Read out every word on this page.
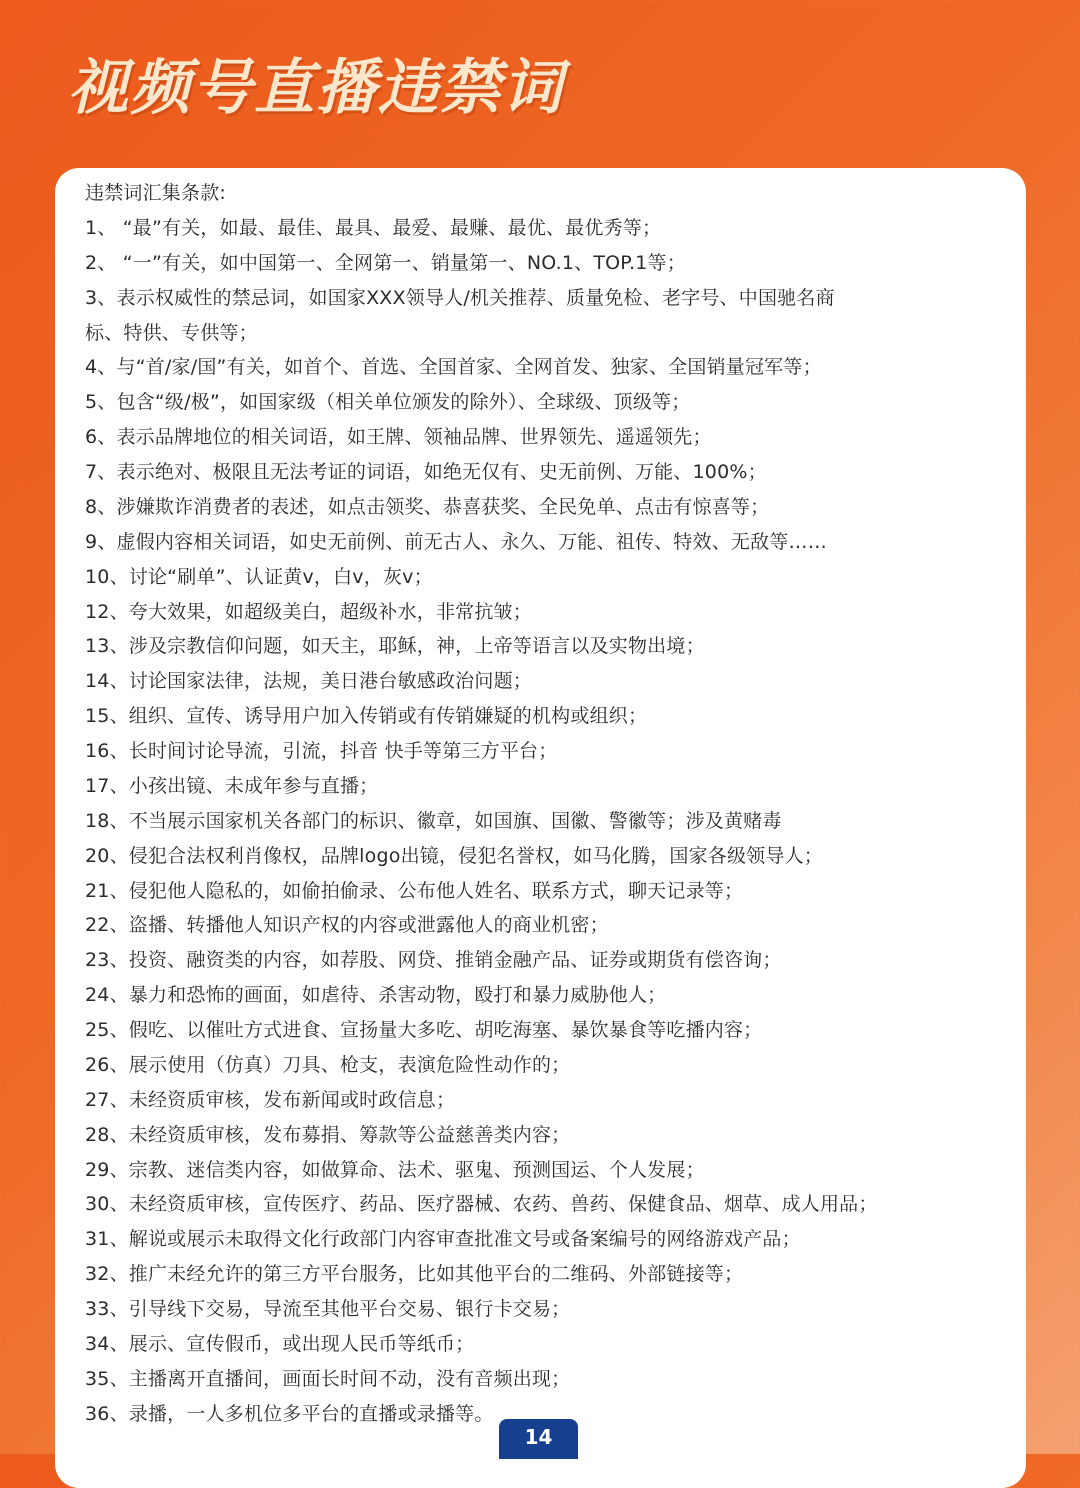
视频号直播违禁词
违禁词汇集条款:
1、 “最”有关，如最、最佳、最具、最爱、最赚、最优、最优秀等；
2、 “一”有关，如中国第一、全网第一、销量第一、NO.1、TOP.1等；
3、表示权威性的禁忌词，如国家XXX领导人/机关推荐、质量免检、老字号、中国驰名商
标、特供、专供等；
4、与“首/家/国”有关，如首个、首选、全国首家、全网首发、独家、全国销量冠军等；
5、包含“级/极”，如国家级（相关单位颁发的除外）、全球级、顶级等；
6、表示品牌地位的相关词语，如王牌、领袖品牌、世界领先、遥遥领先；
7、表示绝对、极限且无法考证的词语，如绝无仅有、史无前例、万能、100%；
8、涉嫌欺诈消费者的表述，如点击领奖、恭喜获奖、全民免单、点击有惊喜等；
9、虚假内容相关词语，如史无前例、前无古人、永久、万能、祖传、特效、无敌等……
10、讨论“刷单”、认证黄v，白v，灰v；
12、夸大效果，如超级美白，超级补水，非常抗皱；
13、涉及宗教信仰问题，如天主，耶稣，神，上帝等语言以及实物出境；
14、讨论国家法律，法规，美日港台敏感政治问题；
15、组织、宣传、诱导用户加入传销或有传销嫌疑的机构或组织；
16、长时间讨论导流，引流，抖音 快手等第三方平台；
17、小孩出镜、未成年参与直播；
18、不当展示国家机关各部门的标识、徽章，如国旗、国徽、警徽等；涉及黄赌毒
20、侵犯合法权利肖像权，品牌logo出镜，侵犯名誉权，如马化腾，国家各级领导人；
21、侵犯他人隐私的，如偷拍偷录、公布他人姓名、联系方式，聊天记录等；
22、盗播、转播他人知识产权的内容或泄露他人的商业机密；
23、投资、融资类的内容，如荐股、网贷、推销金融产品、证券或期货有偿咨询；
24、暴力和恐怖的画面，如虐待、杀害动物，殴打和暴力威胁他人；
25、假吃、以催吐方式进食、宣扬量大多吃、胡吃海塞、暴饮暴食等吃播内容；
26、展示使用（仿真）刀具、枪支，表演危险性动作的；
27、未经资质审核，发布新闻或时政信息；
28、未经资质审核，发布募捐、筹款等公益慈善类内容；
29、宗教、迷信类内容，如做算命、法术、驱鬼、预测国运、个人发展；
30、未经资质审核，宣传医疗、药品、医疗器械、农药、兽药、保健食品、烟草、成人用品；
31、解说或展示未取得文化行政部门内容审查批准文号或备案编号的网络游戏产品；
32、推广未经允许的第三方平台服务，比如其他平台的二维码、外部链接等；
33、引导线下交易，导流至其他平台交易、银行卡交易；
34、展示、宣传假币，或出现人民币等纸币；
35、主播离开直播间，画面长时间不动，没有音频出现；
36、录播，一人多机位多平台的直播或录播等。
14
